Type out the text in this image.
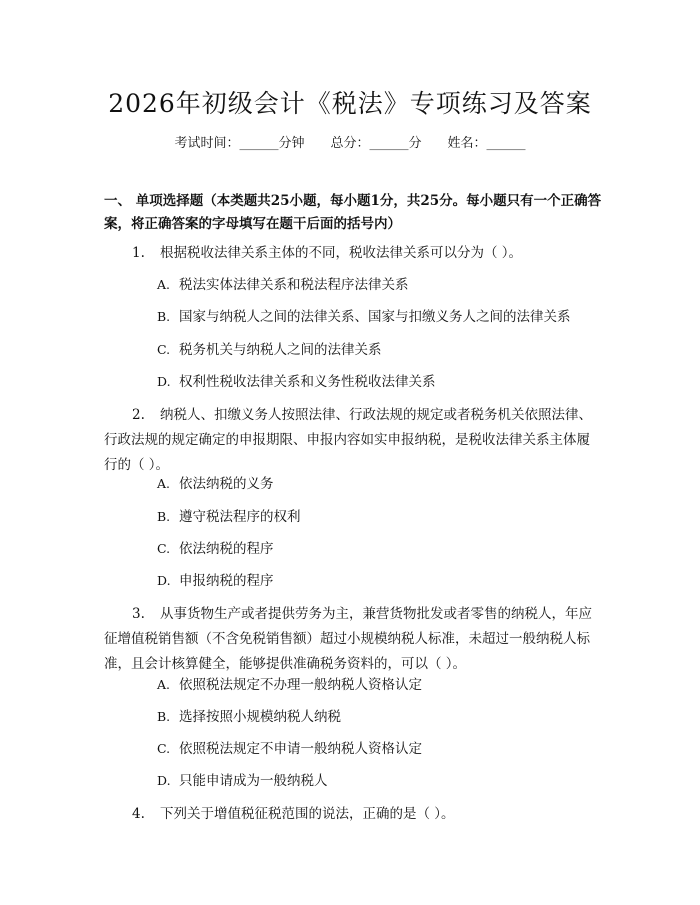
2026年初级会计《税法》专项练习及答案
考试时间：______分钟 总分：______分 姓名：______
一、 单项选择题（本类题共25小题，每小题1分，共25分。每小题只有一个正确答案，将正确答案的字母填写在题干后面的括号内）
1. 根据税收法律关系主体的不同，税收法律关系可以分为（ ）。
A. 税法实体法律关系和税法程序法律关系
B. 国家与纳税人之间的法律关系、国家与扣缴义务人之间的法律关系
C. 税务机关与纳税人之间的法律关系
D. 权利性税收法律关系和义务性税收法律关系
2. 纳税人、扣缴义务人按照法律、行政法规的规定或者税务机关依照法律、行政法规的规定确定的申报期限、申报内容如实申报纳税，是税收法律关系主体履行的（ ）。
A. 依法纳税的义务
B. 遵守税法程序的权利
C. 依法纳税的程序
D. 申报纳税的程序
3. 从事货物生产或者提供劳务为主，兼营货物批发或者零售的纳税人，年应征增值税销售额（不含免税销售额）超过小规模纳税人标准，未超过一般纳税人标准，且会计核算健全，能够提供准确税务资料的，可以（ ）。
A. 依照税法规定不办理一般纳税人资格认定
B. 选择按照小规模纳税人纳税
C. 依照税法规定不申请一般纳税人资格认定
D. 只能申请成为一般纳税人
4. 下列关于增值税征税范围的说法，正确的是（ ）。
